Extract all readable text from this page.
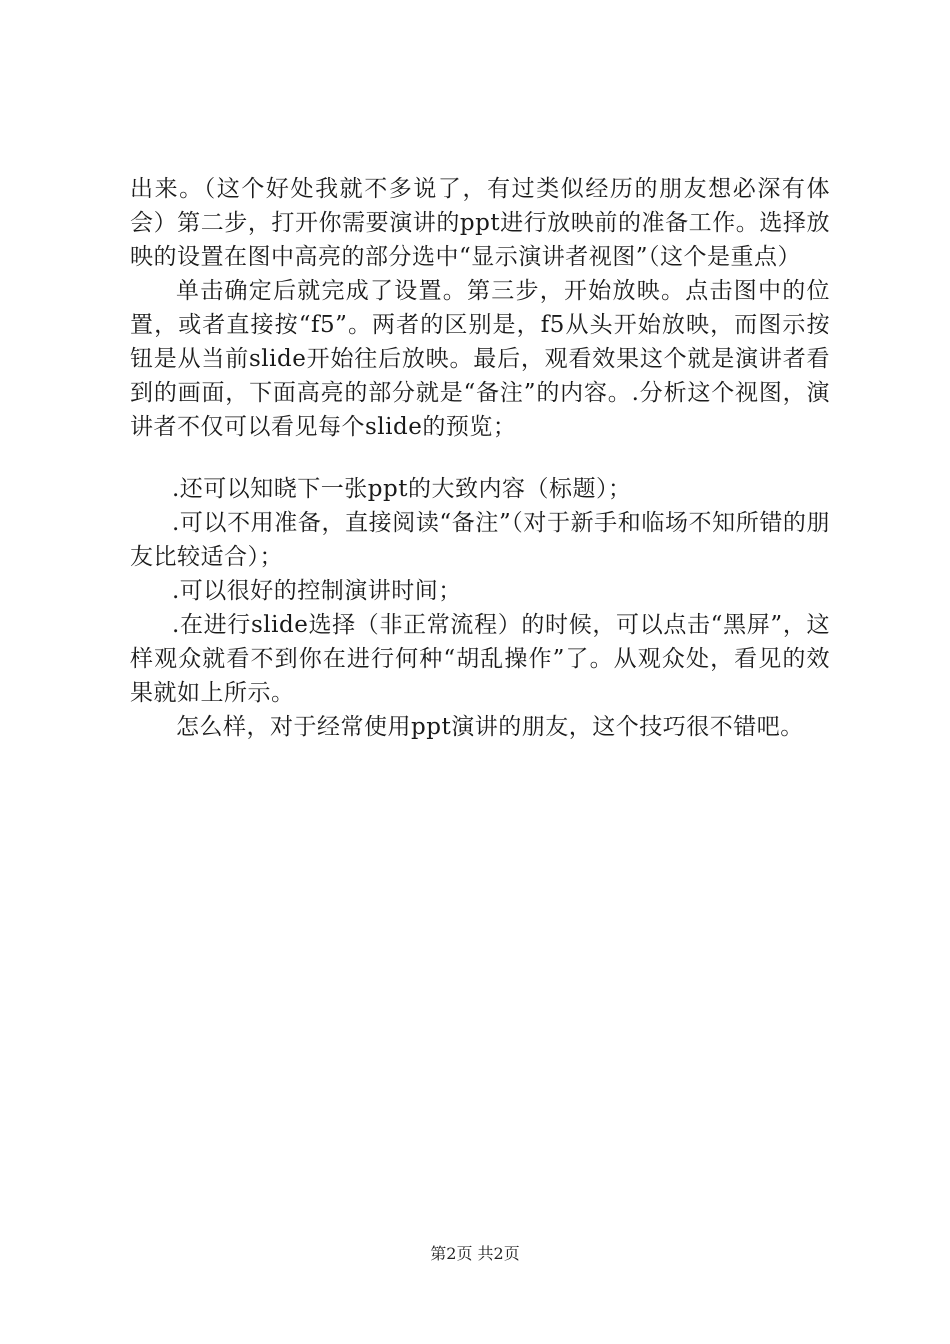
出来。（这个好处我就不多说了，有过类似经历的朋友想必深有体会）第二步，打开你需要演讲的ppt进行放映前的准备工作。选择放映的设置在图中高亮的部分选中“显示演讲者视图”（这个是重点）

单击确定后就完成了设置。第三步，开始放映。点击图中的位置，或者直接按“f5”。两者的区别是，f5从头开始放映，而图示按钮是从当前slide开始往后放映。最后，观看效果这个就是演讲者看到的画面，下面高亮的部分就是“备注”的内容。.分析这个视图，演讲者不仅可以看见每个slide的预览；

.还可以知晓下一张ppt的大致内容（标题）；

.可以不用准备，直接阅读“备注”（对于新手和临场不知所错的朋友比较适合）；

.可以很好的控制演讲时间；

.在进行slide选择（非正常流程）的时候，可以点击“黑屏”，这样观众就看不到你在进行何种“胡乱操作”了。从观众处，看见的效果就如上所示。

怎么样，对于经常使用ppt演讲的朋友，这个技巧很不错吧。

第2页 共2页
